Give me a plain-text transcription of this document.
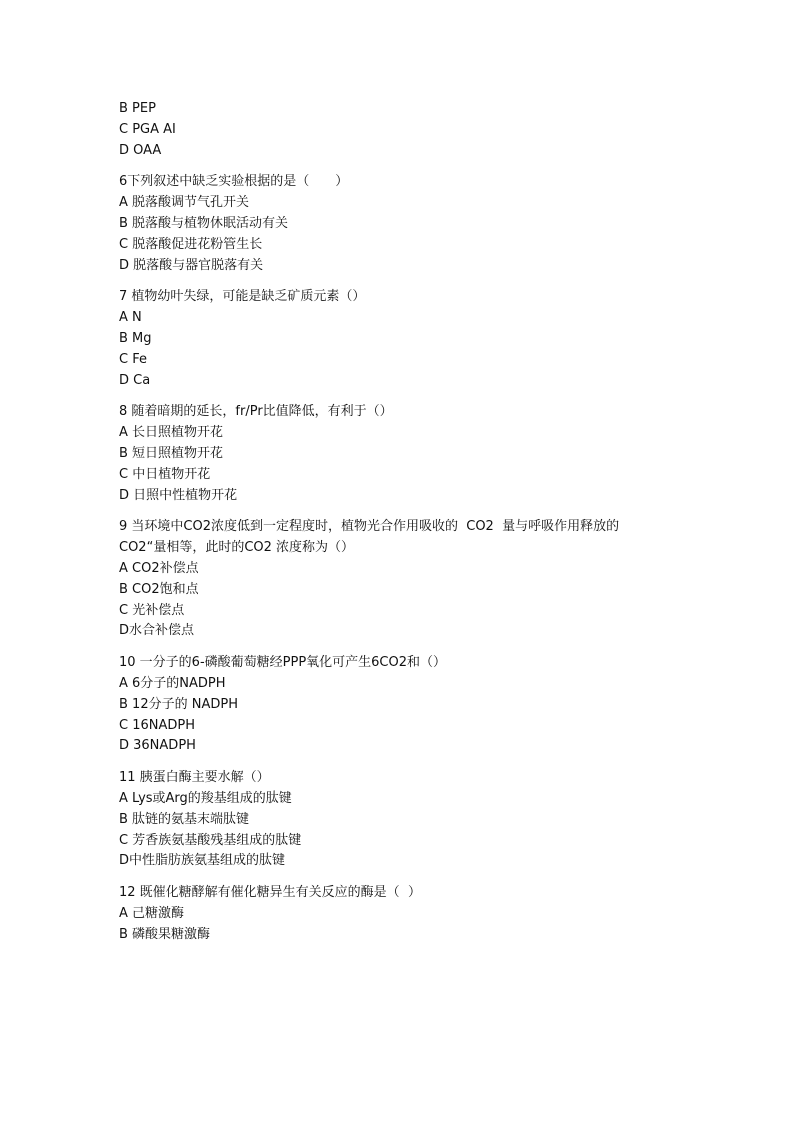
B PEP
C PGA AI
D OAA
6下列叙述中缺乏实验根据的是（　　）
A 脱落酸调节气孔开关
B 脱落酸与植物休眠活动有关
C 脱落酸促进花粉管生长
D 脱落酸与器官脱落有关
7 植物幼叶失绿，可能是缺乏矿质元素（）
A N
B Mg
C Fe
D Ca
8 随着暗期的延长，fr/Pr比值降低，有利于（）
A 长日照植物开花
B 短日照植物开花
C 中日植物开花
D 日照中性植物开花
9 当环境中CO2浓度低到一定程度时，植物光合作用吸收的  CO2  量与呼吸作用释放的
CO2“量相等，此时的CO2 浓度称为（）
A CO2补偿点
B CO2饱和点
C 光补偿点
D水合补偿点
10 一分子的6-磷酸葡萄糖经PPP氧化可产生6CO2和（）
A 6分子的NADPH
B 12分子的 NADPH
C 16NADPH
D 36NADPH
11 胰蛋白酶主要水解（）
A Lys或Arg的羧基组成的肽键
B 肽链的氨基末端肽键
C 芳香族氨基酸残基组成的肽键
D中性脂肪族氨基组成的肽键
12 既催化糖酵解有催化糖异生有关反应的酶是（  ）
A 己糖激酶
B 磷酸果糖激酶
